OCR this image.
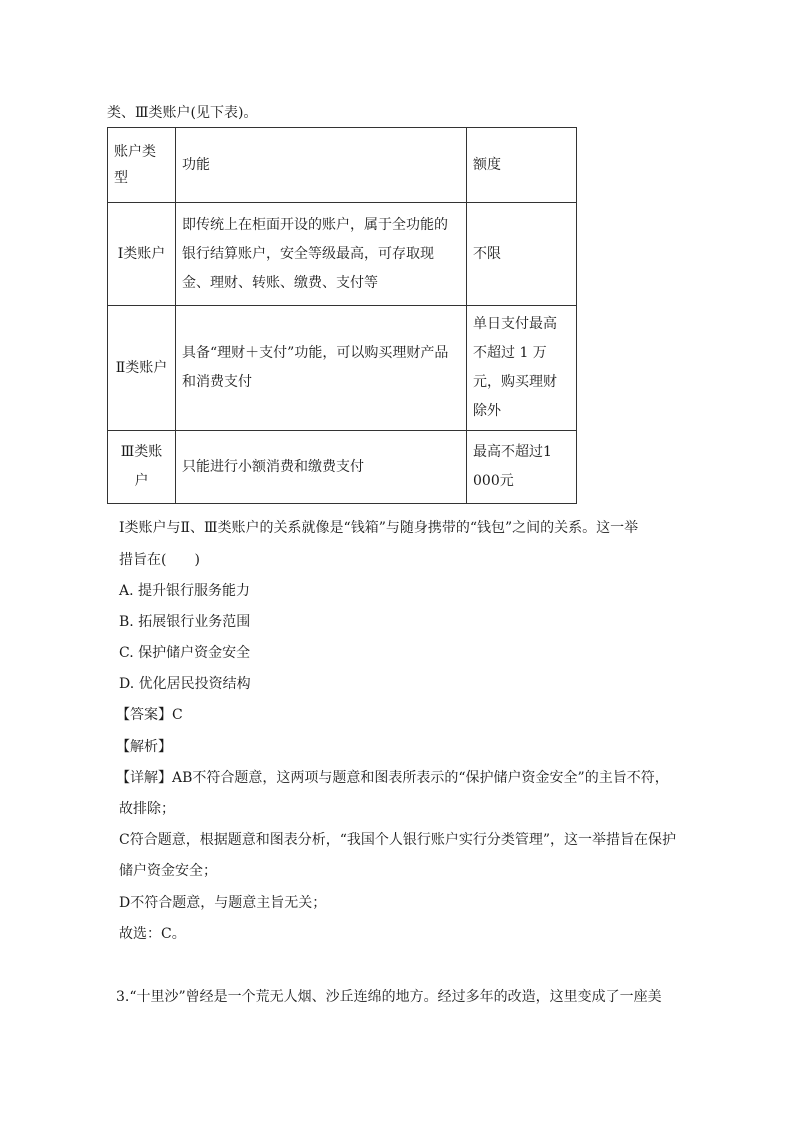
类、Ⅲ类账户(见下表)。
账户类型	功能	额度
Ⅰ类账户	即传统上在柜面开设的账户，属于全功能的银行结算账户，安全等级最高，可存取现金、理财、转账、缴费、支付等	不限
Ⅱ类账户	具备“理财＋支付”功能，可以购买理财产品和消费支付	单日支付最高不超过 1 万元，购买理财除外
Ⅲ类账户	只能进行小额消费和缴费支付	最高不超过1　000元
Ⅰ类账户与Ⅱ、Ⅲ类账户的关系就像是“钱箱”与随身携带的“钱包”之间的关系。这一举
措旨在(　　)
A. 提升银行服务能力
B. 拓展银行业务范围
C. 保护储户资金安全
D. 优化居民投资结构
【答案】C
【解析】
【详解】AB不符合题意，这两项与题意和图表所表示的“保护储户资金安全”的主旨不符，
故排除；
C符合题意，根据题意和图表分析，“我国个人银行账户实行分类管理”，这一举措旨在保护
储户资金安全；
D不符合题意，与题意主旨无关；
故选：C。
3.“十里沙”曾经是一个荒无人烟、沙丘连绵的地方。经过多年的改造，这里变成了一座美
